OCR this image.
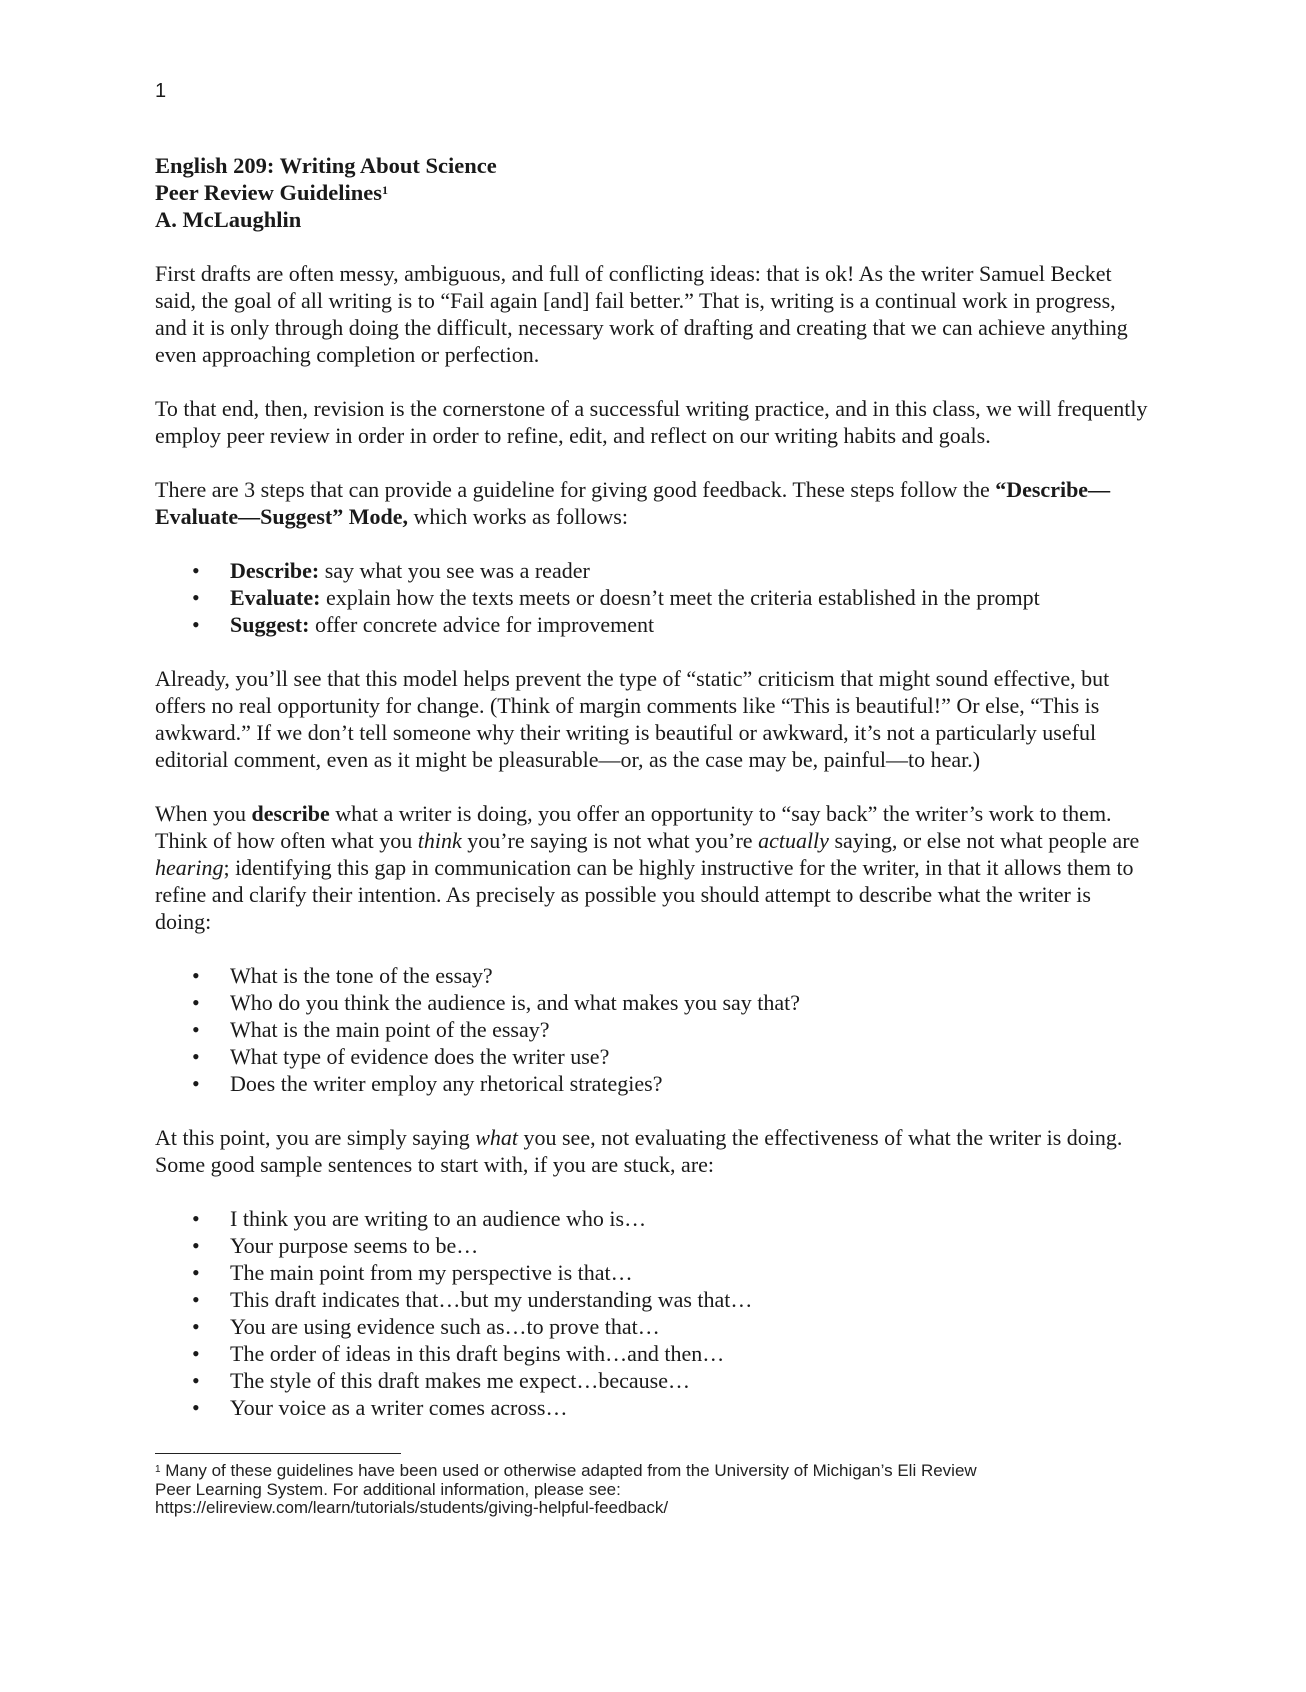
1
English 209: Writing About Science
Peer Review Guidelines$^1$
A. McLaughlin

First drafts are often messy, ambiguous, and full of conflicting ideas: that is ok! As the writer Samuel Becket said, the goal of all writing is to “Fail again [and] fail better.” That is, writing is a continual work in progress, and it is only through doing the difficult, necessary work of drafting and creating that we can achieve anything even approaching completion or perfection.

To that end, then, revision is the cornerstone of a successful writing practice, and in this class, we will frequently employ peer review in order in order to refine, edit, and reflect on our writing habits and goals.

There are 3 steps that can provide a guideline for giving good feedback. These steps follow the “Describe—Evaluate—Suggest” Mode, which works as follows:

• Describe: say what you see was a reader
• Evaluate: explain how the texts meets or doesn’t meet the criteria established in the prompt
• Suggest: offer concrete advice for improvement

Already, you’ll see that this model helps prevent the type of “static” criticism that might sound effective, but offers no real opportunity for change. (Think of margin comments like “This is beautiful!” Or else, “This is awkward.” If we don’t tell someone why their writing is beautiful or awkward, it’s not a particularly useful editorial comment, even as it might be pleasurable—or, as the case may be, painful—to hear.)

When you describe what a writer is doing, you offer an opportunity to “say back” the writer’s work to them. Think of how often what you think you’re saying is not what you’re actually saying, or else not what people are hearing; identifying this gap in communication can be highly instructive for the writer, in that it allows them to refine and clarify their intention. As precisely as possible you should attempt to describe what the writer is doing:

• What is the tone of the essay?
• Who do you think the audience is, and what makes you say that?
• What is the main point of the essay?
• What type of evidence does the writer use?
• Does the writer employ any rhetorical strategies?

At this point, you are simply saying what you see, not evaluating the effectiveness of what the writer is doing. Some good sample sentences to start with, if you are stuck, are:

• I think you are writing to an audience who is…
• Your purpose seems to be…
• The main point from my perspective is that…
• This draft indicates that…but my understanding was that…
• You are using evidence such as…to prove that…
• The order of ideas in this draft begins with…and then…
• The style of this draft makes me expect…because…
• Your voice as a writer comes across…
$^1$ Many of these guidelines have been used or otherwise adapted from the University of Michigan’s Eli Review
Peer Learning System. For additional information, please see:
https://elireview.com/learn/tutorials/students/giving-helpful-feedback/
